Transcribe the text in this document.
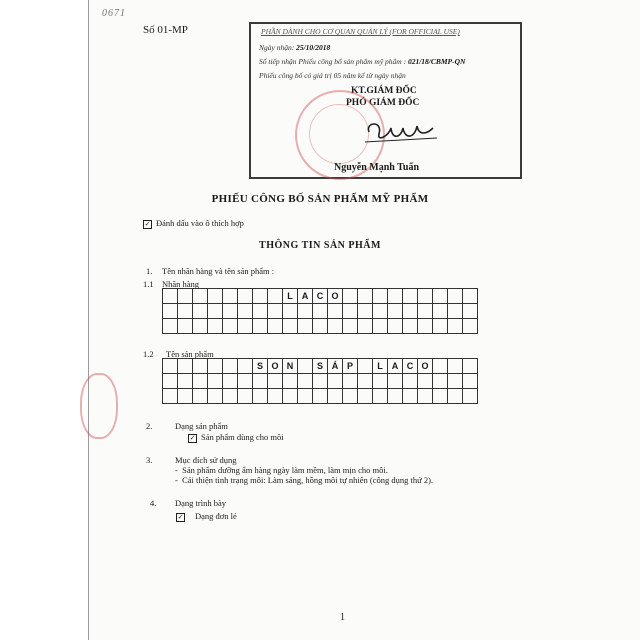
0671
Số 01-MP	PHẦN DÀNH CHO CƠ QUAN QUẢN LÝ (FOR OFFICIAL USE)
Ngày nhận: 25/10/2018
Số tiếp nhận Phiếu công bố sản phẩm mỹ phẩm : 021/18/CBMP-QN
Phiếu công bố có giá trị 05 năm kể từ ngày nhận
KT.GIÁM ĐỐC
PHÓ GIÁM ĐỐC
Nguyễn Mạnh Tuấn
PHIẾU CÔNG BỐ SẢN PHẨM MỸ PHẨM
✓ Đánh dấu vào ô thích hợp
THÔNG TIN SẢN PHẨM
1. Tên nhãn hàng và tên sản phẩm :
1.1 Nhãn hàng
								L	A	C	O									

1.2 Tên sản phẩm
						S	O	N		S	Á	P		L	A	C	O			

2.	Dạng sản phẩm
✓ Sản phẩm dùng cho môi
3.	Mục đích sử dụng
-  Sản phẩm dưỡng ẩm hàng ngày làm mềm, làm mịn cho môi.
-  Cải thiện tình trạng môi: Làm sáng, hồng môi tự nhiên (công dụng thứ 2).
4. Dạng trình bày
✓ Dạng đơn lẻ
1
